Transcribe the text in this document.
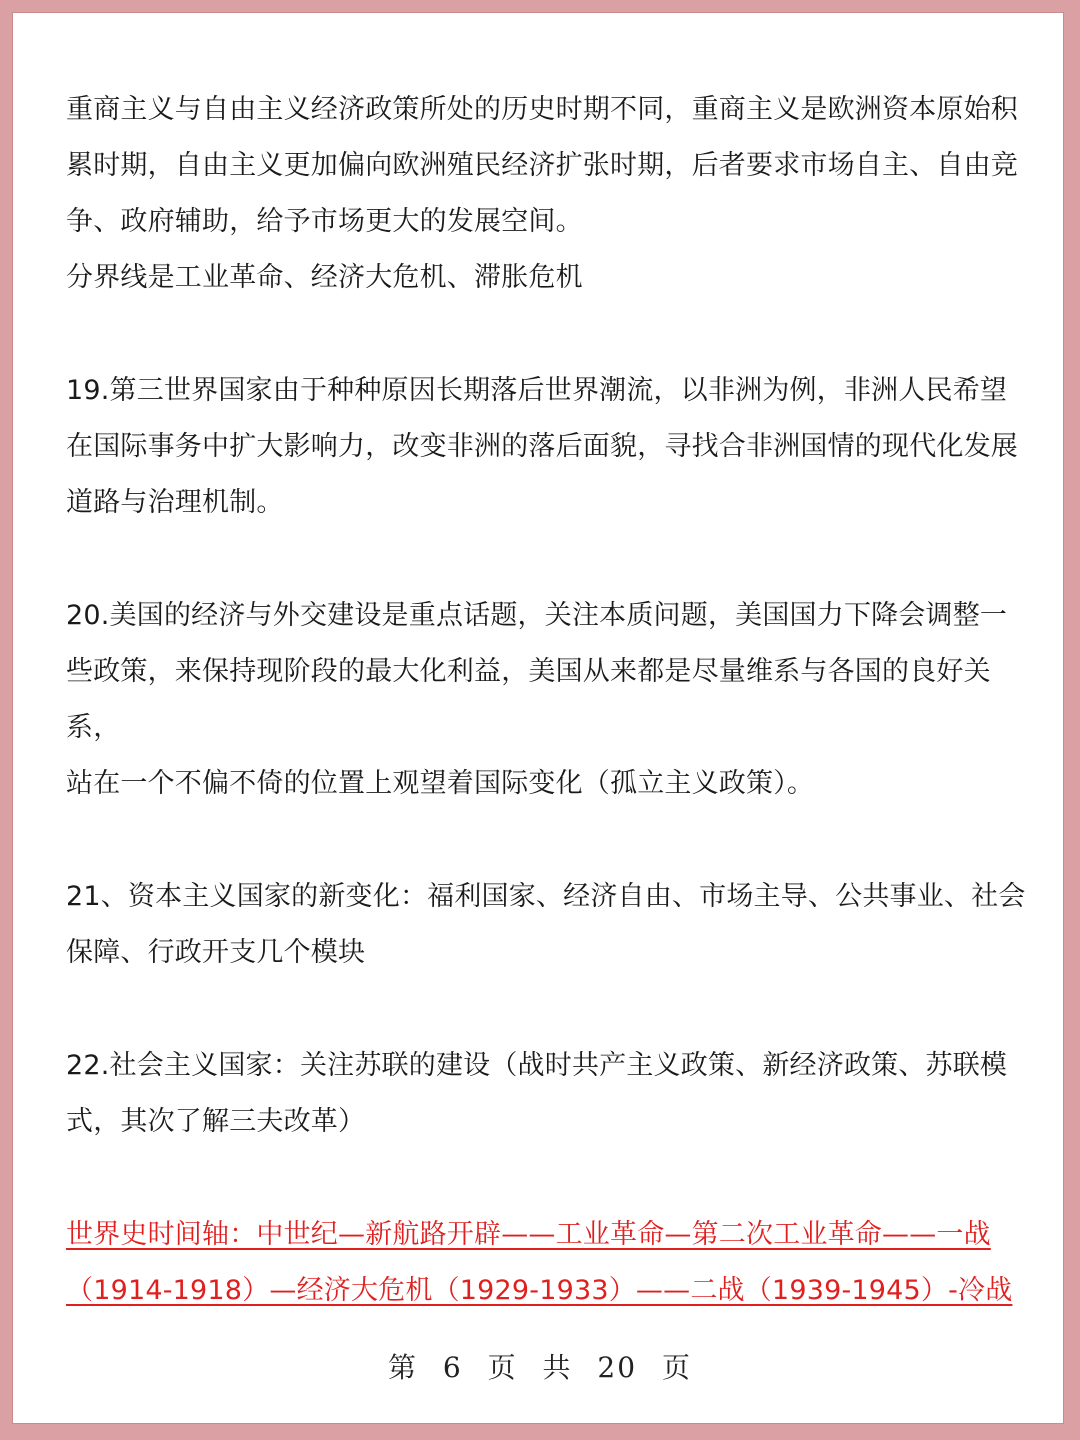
重商主义与自由主义经济政策所处的历史时期不同，重商主义是欧洲资本原始积

累时期，自由主义更加偏向欧洲殖民经济扩张时期，后者要求市场自主、自由竞

争、政府辅助，给予市场更大的发展空间。

分界线是工业革命、经济大危机、滞胀危机

19.第三世界国家由于种种原因长期落后世界潮流，以非洲为例，非洲人民希望

在国际事务中扩大影响力，改变非洲的落后面貌，寻找合非洲国情的现代化发展

道路与治理机制。

20.美国的经济与外交建设是重点话题，关注本质问题，美国国力下降会调整一

些政策，来保持现阶段的最大化利益，美国从来都是尽量维系与各国的良好关系，

站在一个不偏不倚的位置上观望着国际变化（孤立主义政策）。

21、资本主义国家的新变化：福利国家、经济自由、市场主导、公共事业、社会

保障、行政开支几个模块

22.社会主义国家：关注苏联的建设（战时共产主义政策、新经济政策、苏联模

式，其次了解三夫改革）

世界史时间轴：中世纪—新航路开辟——工业革命—第二次工业革命——一战

（1914-1918）—经济大危机（1929-1933）——二战（1939-1945）-冷战

第 6 页 共 20 页
